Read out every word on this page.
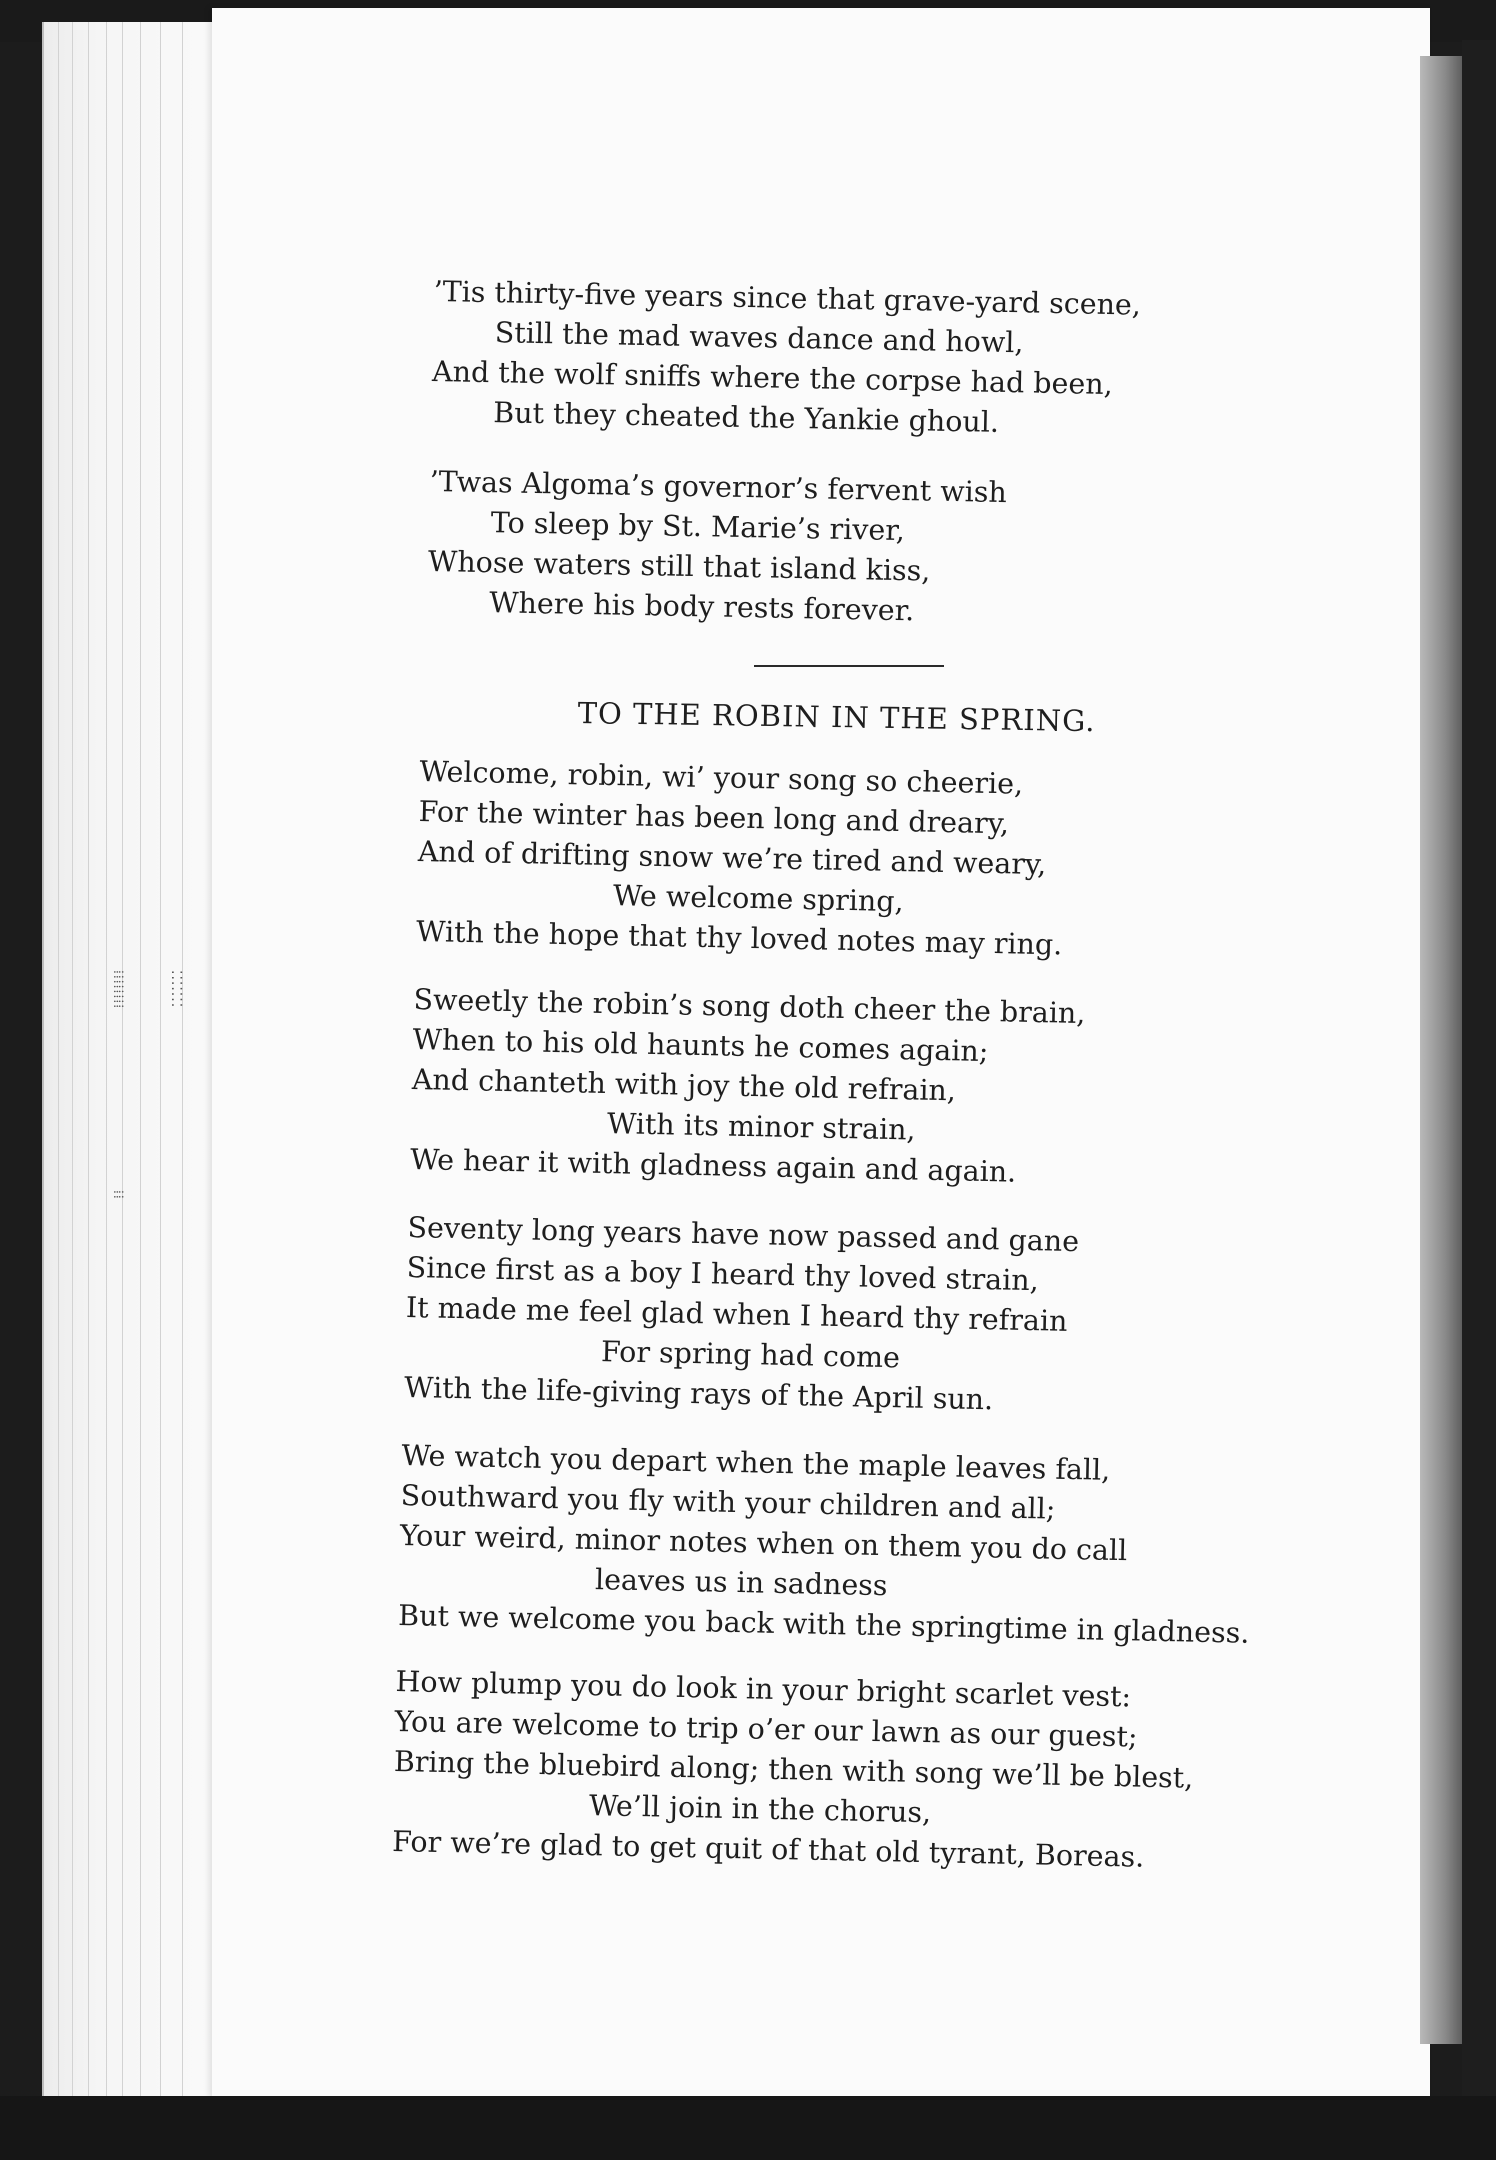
⁞⁞⁞⁞⁞⁞⁞⁞	⁚⁚⁚⁚⁚⁚⁚
⁞⁞
’Tis thirty-five years since that grave-yard scene,
Still the mad waves dance and howl,
And the wolf sniffs where the corpse had been,
But they cheated the Yankie ghoul.
’Twas Algoma’s governor’s fervent wish
To sleep by St. Marie’s river,
Whose waters still that island kiss,
Where his body rests forever.
TO THE ROBIN IN THE SPRING.
Welcome, robin, wi’ your song so cheerie,
For the winter has been long and dreary,
And of drifting snow we’re tired and weary,
We welcome spring,
With the hope that thy loved notes may ring.
Sweetly the robin’s song doth cheer the brain,
When to his old haunts he comes again;
And chanteth with joy the old refrain,
With its minor strain,
We hear it with gladness again and again.
Seventy long years have now passed and gane
Since first as a boy I heard thy loved strain,
It made me feel glad when I heard thy refrain
For spring had come
With the life-giving rays of the April sun.
We watch you depart when the maple leaves fall,
Southward you fly with your children and all;
Your weird, minor notes when on them you do call
leaves us in sadness
But we welcome you back with the springtime in gladness.
How plump you do look in your bright scarlet vest:
You are welcome to trip o’er our lawn as our guest;
Bring the bluebird along; then with song we’ll be blest,
We’ll join in the chorus,
For we’re glad to get quit of that old tyrant, Boreas.
